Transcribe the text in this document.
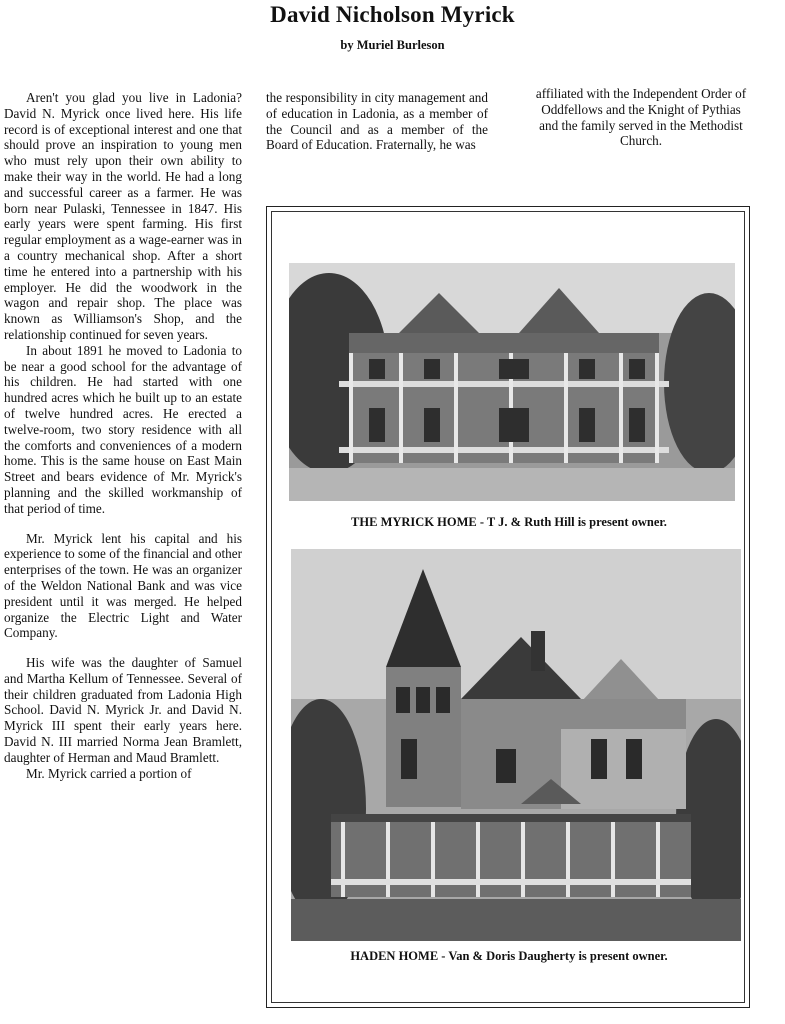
David Nicholson Myrick
by Muriel Burleson

Aren't you glad you live in Ladonia? David N. Myrick once lived here. His life record is of exceptional interest and one that should prove an inspiration to young men who must rely upon their own ability to make their way in the world. He had a long and successful career as a farmer. He was born near Pulaski, Tennessee in 1847. His early years were spent farming. His first regular employment as a wage-earner was in a country mechanical shop. After a short time he entered into a partnership with his employer. He did the woodwork in the wagon and repair shop. The place was known as Williamson's Shop, and the relationship continued for seven years.

In about 1891 he moved to Ladonia to be near a good school for the advantage of his children. He had started with one hundred acres which he built up to an estate of twelve hundred acres. He erected a twelve-room, two story residence with all the comforts and conveniences of a modern home. This is the same house on East Main Street and bears evidence of Mr. Myrick's planning and the skilled workmanship of that period of time.

Mr. Myrick lent his capital and his experience to some of the financial and other enterprises of the town. He was an organizer of the Weldon National Bank and was vice president until it was merged. He helped organize the Electric Light and Water Company.

His wife was the daughter of Samuel and Martha Kellum of Tennessee. Several of their children graduated from Ladonia High School. David N. Myrick Jr. and David N. Myrick III spent their early years here. David N. III married Norma Jean Bramlett, daughter of Herman and Maud Bramlett.

Mr. Myrick carried a portion of

the responsibility in city management and of education in Ladonia, as a member of the Council and as a member of the Board of Education. Fraternally, he was

affiliated with the Independent Order of Oddfellows and the Knight of Pythias and the family served in the Methodist Church.

THE MYRICK HOME - T J. & Ruth Hill is present owner.
HADEN HOME - Van & Doris Daugherty is present owner.
